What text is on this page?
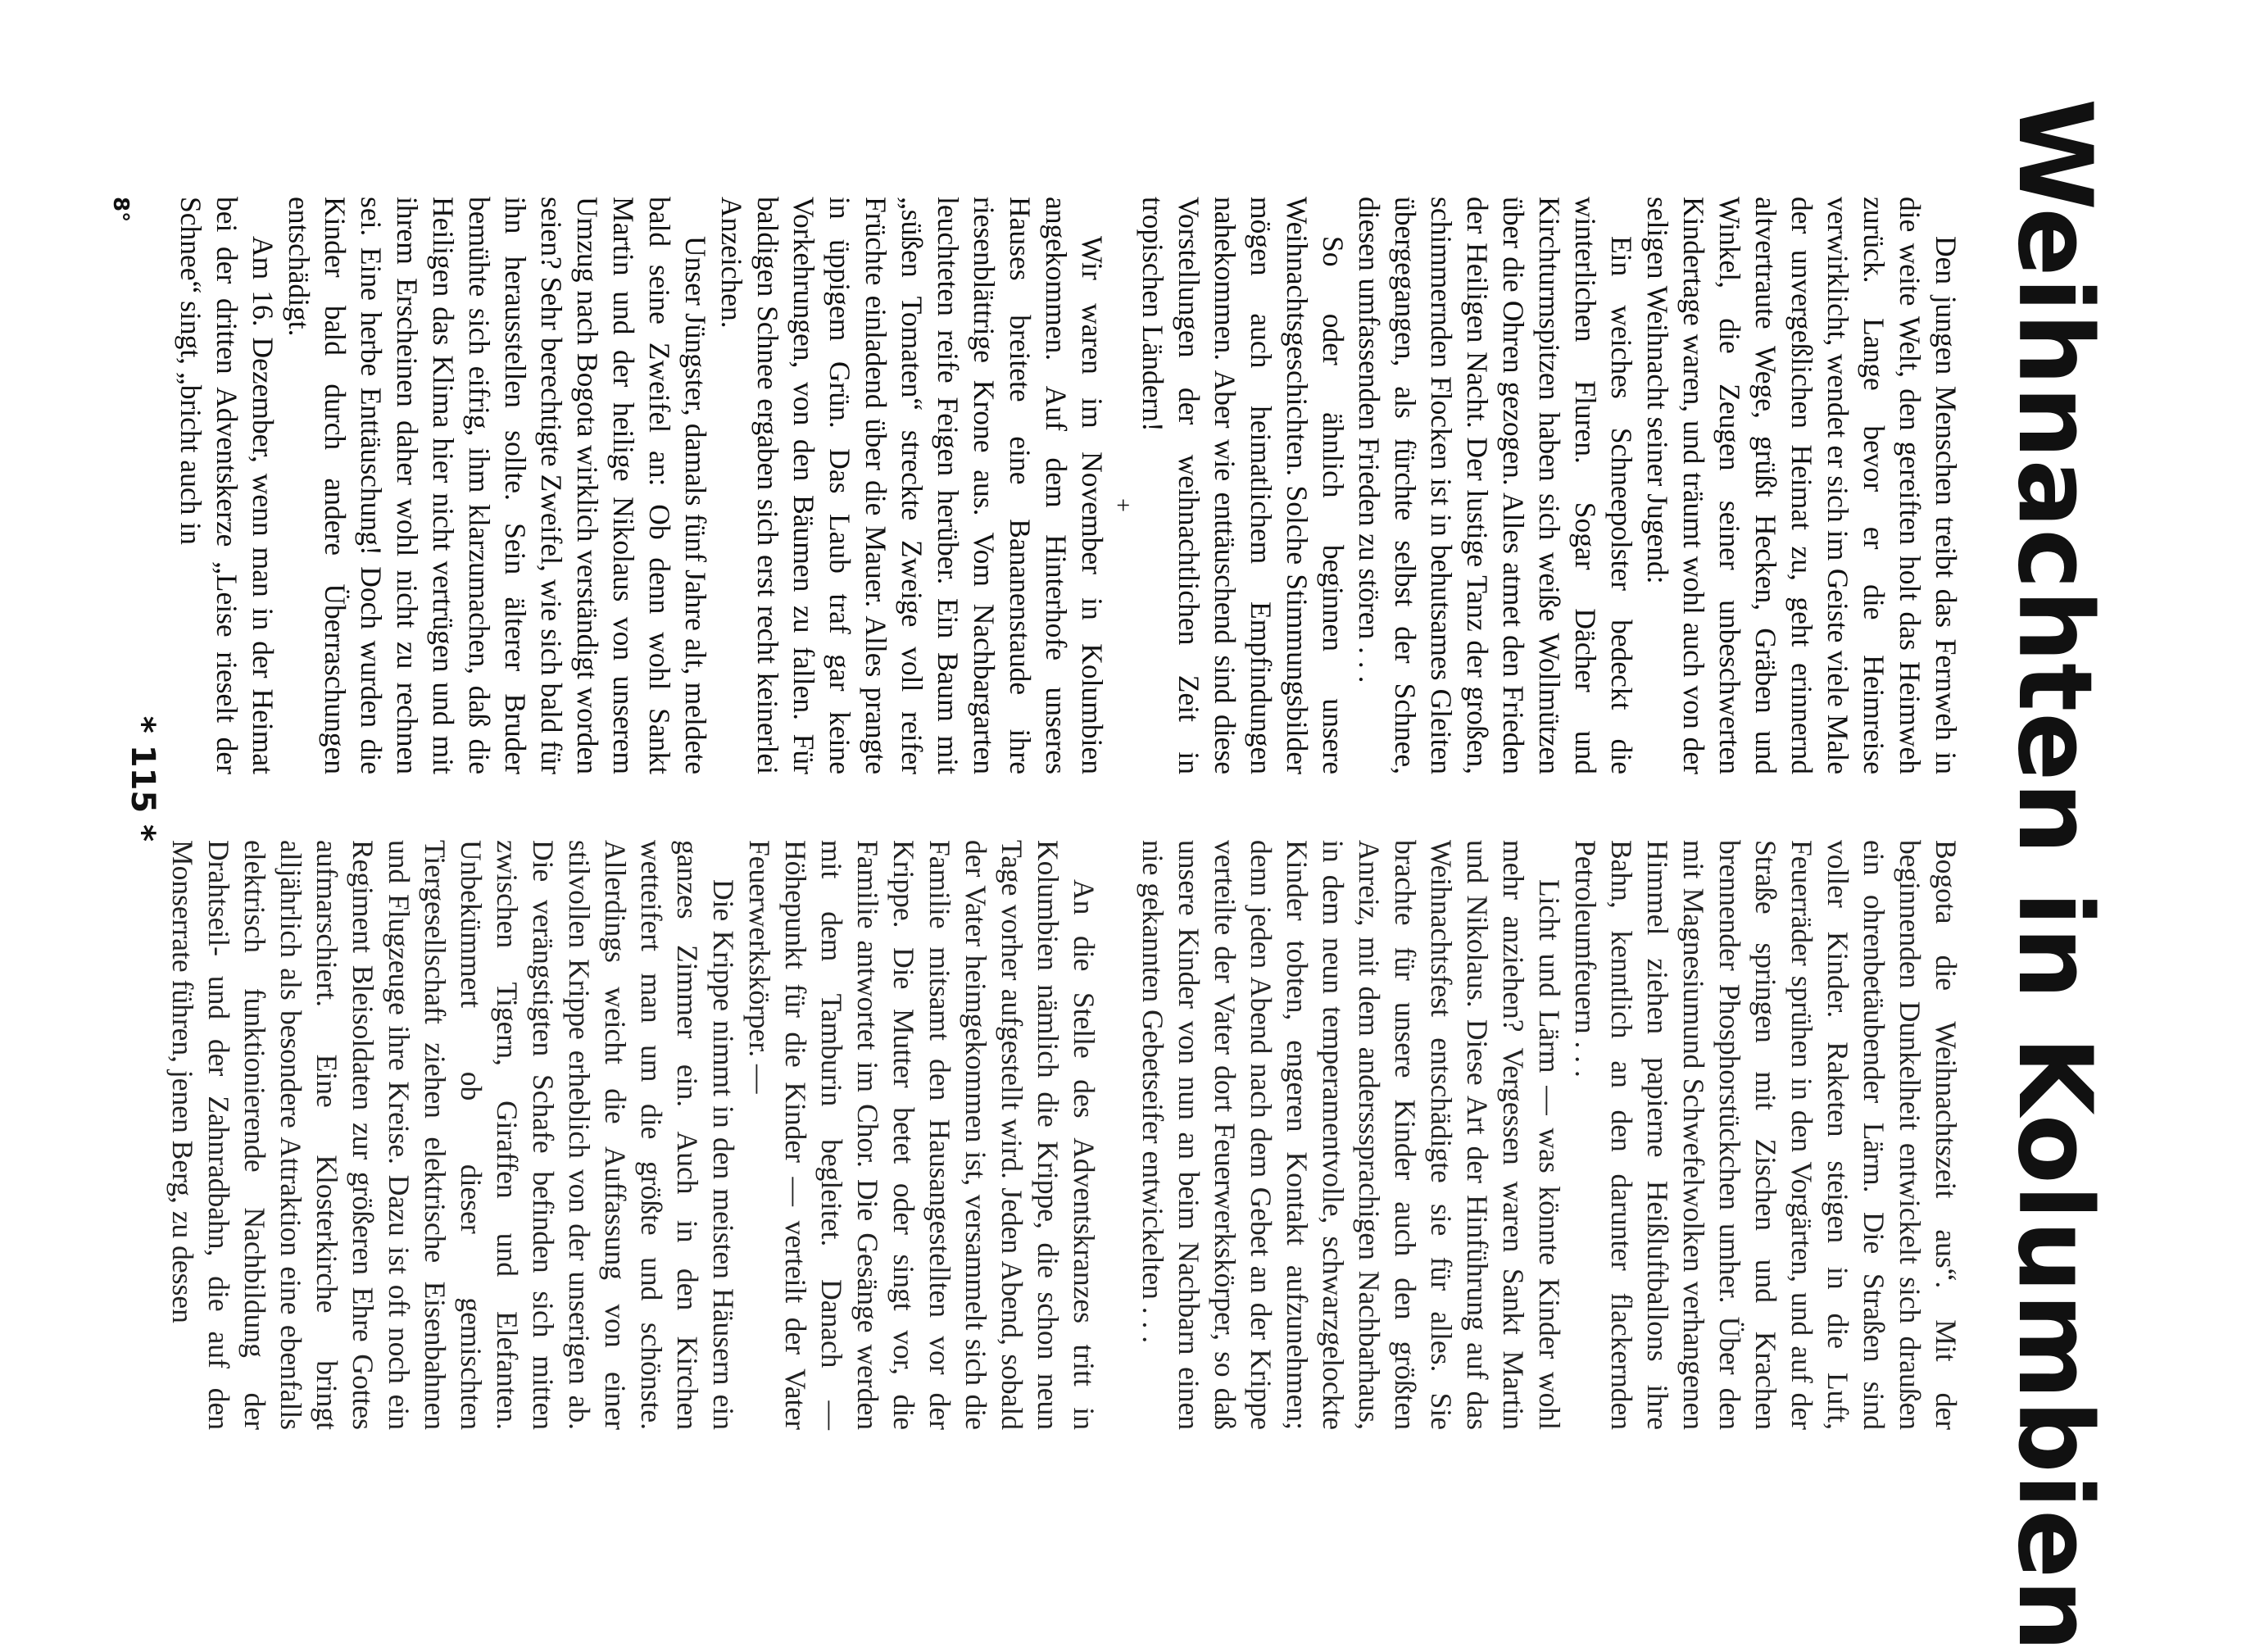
Weihnachten in Kolumbien

Den jungen Menschen treibt das Fernweh in die weite Welt, den gereiften holt das Heimweh zurück. Lange bevor er die Heimreise verwirklicht, wendet er sich im Geiste viele Male der unvergeßlichen Heimat zu, geht erinnernd altvertraute Wege, grüßt Hecken, Gräben und Winkel, die Zeugen seiner unbeschwerten Kindertage waren, und träumt wohl auch von der seligen Weihnacht seiner Jugend:

Ein weiches Schneepolster bedeckt die winterlichen Fluren. Sogar Dächer und Kirchturmspitzen haben sich weiße Wollmützen über die Ohren gezogen. Alles atmet den Frieden der Heiligen Nacht. Der lustige Tanz der großen, schimmernden Flocken ist in behutsames Gleiten übergegangen, als fürchte selbst der Schnee, diesen umfassenden Frieden zu stören . . .

So oder ähnlich beginnen unsere Weihnachtsgeschichten. Solche Stimmungsbilder mögen auch heimatlichem Empfindungen nahekommen. Aber wie enttäuschend sind diese Vorstellungen der weihnachtlichen Zeit in tropischen Ländern!

+

Wir waren im November in Kolumbien angekommen. Auf dem Hinterhofe unseres Hauses breitete eine Bananenstaude ihre riesenblättrige Krone aus. Vom Nachbargarten leuchteten reife Feigen herüber. Ein Baum mit „süßen Tomaten“ streckte Zweige voll reifer Früchte einladend über die Mauer. Alles prangte in üppigem Grün. Das Laub traf gar keine Vorkehrungen, von den Bäumen zu fallen. Für baldigen Schnee ergaben sich erst recht keinerlei Anzeichen.

Unser Jüngster, damals fünf Jahre alt, meldete bald seine Zweifel an: Ob denn wohl Sankt Martin und der heilige Nikolaus von unserem Umzug nach Bogota wirklich verständigt worden seien? Sehr berechtigte Zweifel, wie sich bald für ihn herausstellen sollte. Sein älterer Bruder bemühte sich eifrig, ihm klarzumachen, daß die Heiligen das Klima hier nicht vertrügen und mit ihrem Erscheinen daher wohl nicht zu rechnen sei. Eine herbe Enttäuschung! Doch wurden die Kinder bald durch andere Überraschungen entschädigt.

Am 16. Dezember, wenn man in der Heimat bei der dritten Adventskerze „Leise rieselt der Schnee“ singt, „bricht auch in

Bogota die Weihnachtszeit aus“. Mit der beginnenden Dunkelheit entwickelt sich draußen ein ohrenbetäubender Lärm. Die Straßen sind voller Kinder. Raketen steigen in die Luft, Feuerräder sprühen in den Vorgärten, und auf der Straße springen mit Zischen und Krachen brennender Phosphorstückchen umher. Über den mit Magnesiumund Schwefelwolken verhangenen Himmel ziehen papierne Heißluftballons ihre Bahn, kenntlich an den darunter flackernden Petroleumfeuern . . .

Licht und Lärm — was könnte Kinder wohl mehr anziehen? Vergessen waren Sankt Martin und Nikolaus. Diese Art der Hinführung auf das Weihnachtsfest entschädigte sie für alles. Sie brachte für unsere Kinder auch den größten Anreiz, mit dem andersssprachigen Nachbarhaus, in dem neun temperamentvolle, schwarzgelockte Kinder tobten, engeren Kontakt aufzunehmen; denn jeden Abend nach dem Gebet an der Krippe verteilte der Vater dort Feuerwerkskörper, so daß unsere Kinder von nun an beim Nachbarn einen nie gekannten Gebetseifer entwickelten . . .

An die Stelle des Adventskranzes tritt in Kolumbien nämlich die Krippe, die schon neun Tage vorher aufgestellt wird. Jeden Abend, sobald der Vater heimgekommen ist, versammelt sich die Familie mitsamt den Hausangestellten vor der Krippe. Die Mutter betet oder singt vor, die Familie antwortet im Chor. Die Gesänge werden mit dem Tamburin begleitet. Danach — Höhepunkt für die Kinder — verteilt der Vater Feuerwerkskörper. —

Die Krippe nimmt in den meisten Häusern ein ganzes Zimmer ein. Auch in den Kirchen wetteifert man um die größte und schönste. Allerdings weicht die Auffassung von einer stilvollen Krippe erheblich von der unserigen ab. Die verängstigten Schafe befinden sich mitten zwischen Tigern, Giraffen und Elefanten. Unbekümmert ob dieser gemischten Tiergesellschaft ziehen elektrische Eisenbahnen und Flugzeuge ihre Kreise. Dazu ist oft noch ein Regiment Bleisoldaten zur größeren Ehre Gottes aufmarschiert. Eine Klosterkirche bringt alljährlich als besondere Attraktion eine ebenfalls elektrisch funktionierende Nachbildung der Drahtseil- und der Zahnradbahn, die auf den Monserrate führen, jenen Berg, zu dessen

* 115 *
8°
